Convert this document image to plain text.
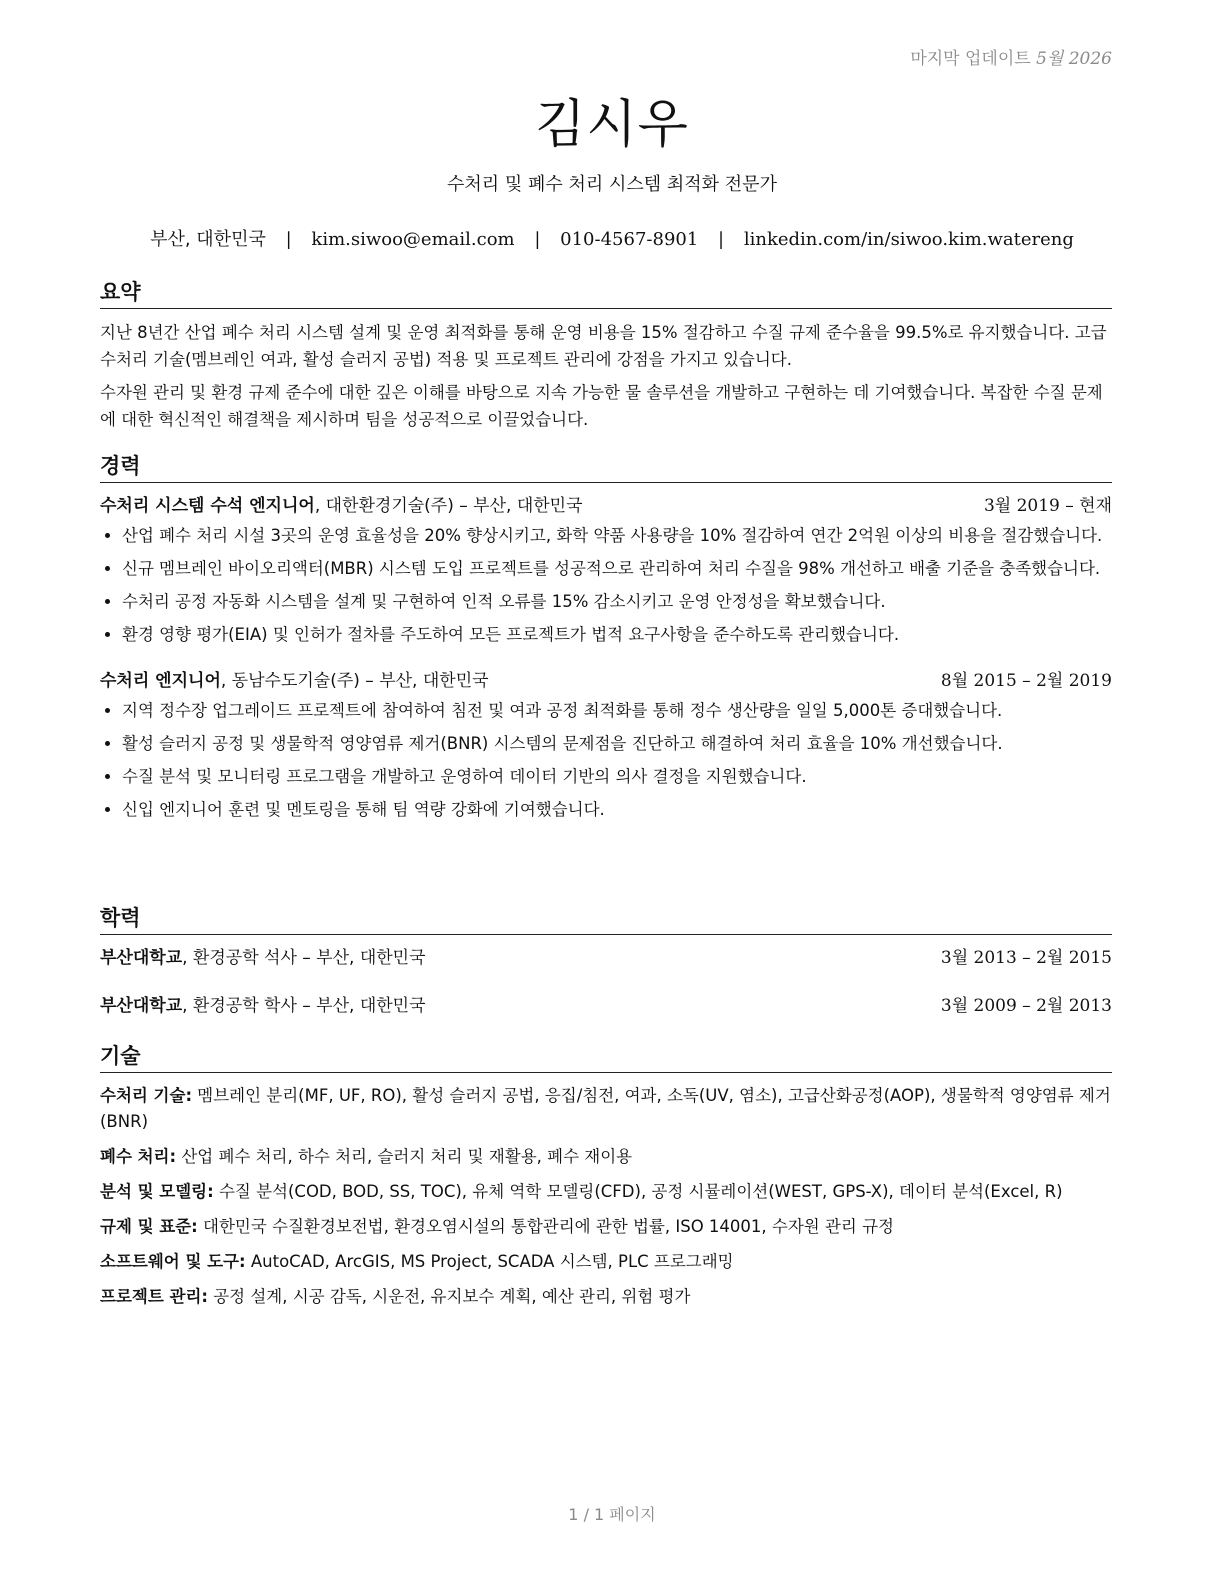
마지막 업데이트 5월 2026
김시우
수처리 및 폐수 처리 시스템 최적화 전문가
부산, 대한민국 | kim.siwoo@email.com | 010-4567-8901 | linkedin.com/in/siwoo.kim.watereng
요약

지난 8년간 산업 폐수 처리 시스템 설계 및 운영 최적화를 통해 운영 비용을 15% 절감하고 수질 규제 준수율을 99.5%로 유지했습니다. 고급 수처리 기술(멤브레인 여과, 활성 슬러지 공법) 적용 및 프로젝트 관리에 강점을 가지고 있습니다.

수자원 관리 및 환경 규제 준수에 대한 깊은 이해를 바탕으로 지속 가능한 물 솔루션을 개발하고 구현하는 데 기여했습니다. 복잡한 수질 문제에 대한 혁신적인 해결책을 제시하며 팀을 성공적으로 이끌었습니다.

경력
수처리 시스템 수석 엔지니어, 대한환경기술(주) – 부산, 대한민국	3월 2019 – 현재
• 산업 폐수 처리 시설 3곳의 운영 효율성을 20% 향상시키고, 화학 약품 사용량을 10% 절감하여 연간 2억원 이상의 비용을 절감했습니다.
• 신규 멤브레인 바이오리액터(MBR) 시스템 도입 프로젝트를 성공적으로 관리하여 처리 수질을 98% 개선하고 배출 기준을 충족했습니다.
• 수처리 공정 자동화 시스템을 설계 및 구현하여 인적 오류를 15% 감소시키고 운영 안정성을 확보했습니다.
• 환경 영향 평가(EIA) 및 인허가 절차를 주도하여 모든 프로젝트가 법적 요구사항을 준수하도록 관리했습니다.
수처리 엔지니어, 동남수도기술(주) – 부산, 대한민국	8월 2015 – 2월 2019
• 지역 정수장 업그레이드 프로젝트에 참여하여 침전 및 여과 공정 최적화를 통해 정수 생산량을 일일 5,000톤 증대했습니다.
• 활성 슬러지 공정 및 생물학적 영양염류 제거(BNR) 시스템의 문제점을 진단하고 해결하여 처리 효율을 10% 개선했습니다.
• 수질 분석 및 모니터링 프로그램을 개발하고 운영하여 데이터 기반의 의사 결정을 지원했습니다.
• 신입 엔지니어 훈련 및 멘토링을 통해 팀 역량 강화에 기여했습니다.
학력
부산대학교, 환경공학 석사 – 부산, 대한민국	3월 2013 – 2월 2015
부산대학교, 환경공학 학사 – 부산, 대한민국	3월 2009 – 2월 2013
기술
수처리 기술: 멤브레인 분리(MF, UF, RO), 활성 슬러지 공법, 응집/침전, 여과, 소독(UV, 염소), 고급산화공정(AOP), 생물학적 영양염류 제거(BNR)
폐수 처리: 산업 폐수 처리, 하수 처리, 슬러지 처리 및 재활용, 폐수 재이용
분석 및 모델링: 수질 분석(COD, BOD, SS, TOC), 유체 역학 모델링(CFD), 공정 시뮬레이션(WEST, GPS-X), 데이터 분석(Excel, R)
규제 및 표준: 대한민국 수질환경보전법, 환경오염시설의 통합관리에 관한 법률, ISO 14001, 수자원 관리 규정
소프트웨어 및 도구: AutoCAD, ArcGIS, MS Project, SCADA 시스템, PLC 프로그래밍
프로젝트 관리: 공정 설계, 시공 감독, 시운전, 유지보수 계획, 예산 관리, 위험 평가
1 / 1 페이지
